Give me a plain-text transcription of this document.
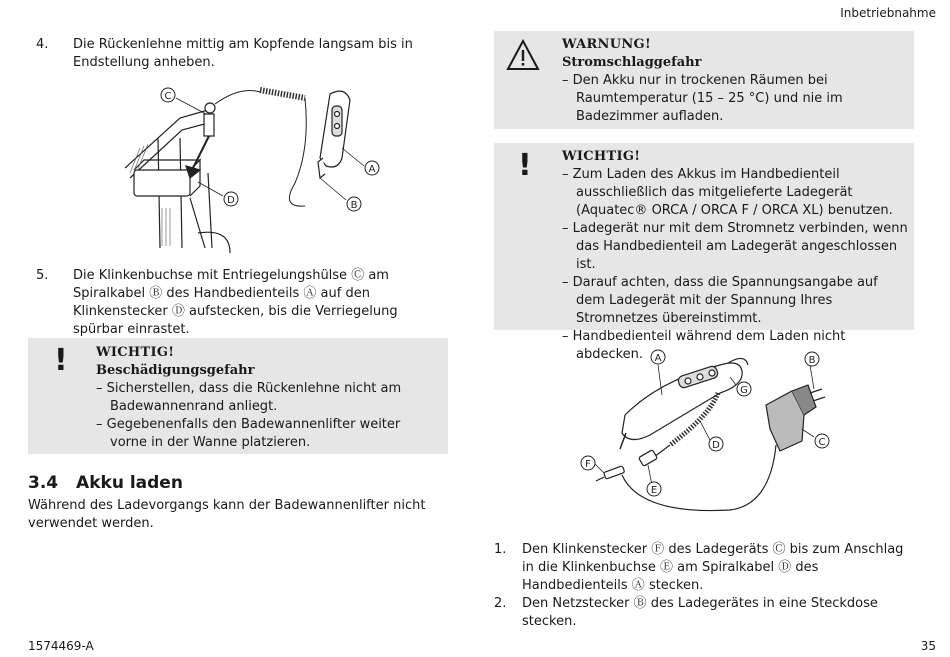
Inbetriebnahme
1574469-A	35
4.	Die Rückenlehne mittig am Kopfende langsam bis in Endstellung anheben.
C
A
B
D
5.	Die Klinkenbuchse mit Entriegelungshülse Ⓒ am Spiralkabel Ⓑ des Handbedienteils Ⓐ auf den Klinkenstecker Ⓓ aufstecken, bis die Verriegelung spürbar einrastet.
! WICHTIG!
Beschädigungsgefahr
– Sicherstellen, dass die Rückenlehne nicht am Badewannenrand anliegt.
– Gegebenenfalls den Badewannenlifter weiter vorne in der Wanne platzieren.
3.4 Akku laden
Während des Ladevorgangs kann der Badewannenlifter nicht verwendet werden.
WARNUNG!
Stromschlaggefahr
– Den Akku nur in trockenen Räumen bei Raumtemperatur (15 – 25 °C) und nie im Badezimmer aufladen.
! WICHTIG!
– Zum Laden des Akkus im Handbedienteil ausschließlich das mitgelieferte Ladegerät (Aquatec® ORCA / ORCA F / ORCA XL) benutzen.
– Ladegerät nur mit dem Stromnetz verbinden, wenn das Handbedienteil am Ladegerät angeschlossen ist.
– Darauf achten, dass die Spannungsangabe auf dem Ladegerät mit der Spannung Ihres Stromnetzes übereinstimmt.
– Handbedienteil während dem Laden nicht abdecken.	A	B
C
D
G
E
F
1.	Den Klinkenstecker Ⓕ des Ladegeräts Ⓒ bis zum Anschlag in die Klinkenbuchse Ⓔ am Spiralkabel Ⓓ des Handbedienteils Ⓐ stecken.
2.	Den Netzstecker Ⓑ des Ladegerätes in eine Steckdose stecken.
